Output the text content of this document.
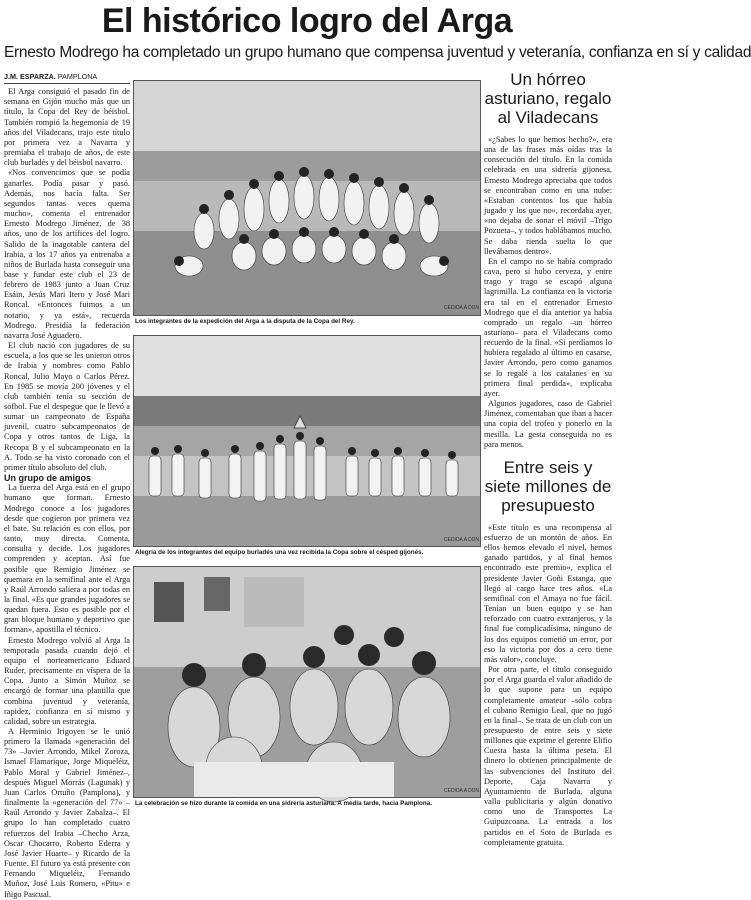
El histórico logro del Arga
Ernesto Modrego ha completado un grupo humano que compensa juventud y veteranía, confianza en sí y calidad
J.M. ESPARZA. PAMPLONA

El Arga consiguió el pasado fin de semana en Gijón mucho más que un título, la Copa del Rey de béisbol. También rompió la hegemonía de 19 años del Viladecans, trajo este título por primera vez a Navarra y premiaba el trabajo de años, de este club burladés y del béisbol navarro.

«Nos convencimos que se podía ganarles. Podía pasar y pasó. Además, nos hacía falta. Ser segundos tantas veces quema mucho», comenta el entrenador Ernesto Modrego Jiménez, de 38 años, uno de los artífices del logro. Salido de la inagotable cantera del Irabia, a los 17 años ya entrenaba a niños de Burlada hasta conseguir una base y fundar este club el 23 de febrero de 1983 junto a Juan Cruz Esáin, Jesús Mari Itero y José Mari Roncal. «Entonces fuimos a un notario, y ya está», recuerda Modrego. Presidía la federación navarra José Aguadero.

El club nació con jugadores de su escuela, a los que se les unieron otros de Irabia y nombres como Pablo Roncal, Julio Mayo o Carlos Pérez. En 1985 se movía 200 jóvenes y el club también tenía su sección de sofbol. Fue el despegue que le llevó a sumar un campeonato de España juvenil, cuatro subcampeonatos de Copa y otros tantos de Liga, la Recopa B y el subcampeonato en la A. Todo se ha visto coronado con el primer título absoluto del club.

Un grupo de amigos

La fuerza del Arga está en el grupo humano que forman. Ernesto Modrego conoce a los jugadores desde que cogieron por primera vez el bate. Su relación es con ellos, por tanto, muy directa. Comenta, consulta y decide. Los jugadores comprenden y aceptan. Así fue posible que Remigio Jiménez se quemara en la semifinal ante el Arga y Raúl Arrondo saliera a por todas en la final. «Es que grandes jugadores se quedan fuera. Esto es posible por el gran bloque humano y deportivo que forman», apostilla el técnico.

Ernesto Modrego volvió al Arga la temporada pasada cuando dejó el equipo el norteamericano Eduard Ruder, precisamente en víspera de la Copa. Junto a Simón Muñoz se encargó de formar una plantilla que combina juventud y veteranía, rapidez, confianza en sí mismo y calidad, sobre un estrategia.

A Herminio Irigoyen se le unió primero la llamada «generación del 73» –Javier Arrondo, Mikel Zoroza, Ismael Flamarique, Jorge Miqueléiz, Pablo Moral y Gabriel Jiménez–, después Miguel Morrás (Lagunak) y Juan Carlos Ortuño (Pamplona), y finalmente la «generación del 77» –Raúl Arrondo y Javier Zabalza–. El grupo lo han completado cuatro refuerzos del Irabia –Checho Arza, Oscar Chocarro, Roberto Ederra y José Javier Huarte– y Ricardo de la Fuente. El futuro ya está presente con Fernando Miqueléiz, Fernando Muñoz, José Luis Romero, «Pitu» e Iñigo Pascual.

Los integrantes de la expedición del Arga a la disputa de la Copa del Rey.
CEDIDA A DDN
Alegría de los integrantes del equipo burladés una vez recibida la Copa sobre el césped gijonés.
CEDIDA A DDN
La celebración se hizo durante la comida en una sidrería asturiana. A media tarde, hacia Pamplona.
CEDIDA A DDN
Un hórreo asturiano, regalo al Viladecans

«¿Sabes lo que hemos hecho?», era una de las frases más oídas tras la consecución del título. En la comida celebrada en una sidrería gijonesa, Ernesto Modrego apreciaba que todos se encontraban como en una nube: «Estaban contentos los que había jugado y los que no», recordaba ayer, «no dejaba de sonar el móvil –Trigo Pozueta–, y todos hablábamos mucho. Se daba rienda suelta lo que llevábamos dentro».

En el campo no se había comprado cava, pero sí hubo cerveza, y entre trago y trago se escapó alguna lagrimilla. La confianza en la victoria era tal en el entrenador Ernesto Modrego que el día anterior ya había comprado un regalo –un hórreo asturiano– para el Viladecans como recuerdo de la final. «Si perdíamos lo hubiera regalado al último en casarse, Javier Arrondo, pero como ganamos se lo regalé a los catalanes en su primera final perdida», explicaba ayer.

Algunos jugadores, caso de Gabriel Jiménez, comentaban que iban a hacer una copia del trofeo y ponerlo en la mesilla. La gesta conseguida no es para menos.

Entre seis y siete millones de presupuesto

«Este título es una recompensa al esfuerzo de un montón de años. En ellos hemos elevado el nivel, hemos ganado partidos, y al final hemos encontrado este premio», explica el presidente Javier Goñi Estanga, que llegó al cargo hace tres años. «La semifinal con el Amaya no fue fácil. Tenían un buen equipo y se han reforzado con cuatro extranjeros, y la final fue complicadísima, ninguno de los dos equipos cometió un error, por eso la victoria por dos a cero tiene más valor», concluye.

Por otra parte, el título conseguido por el Arga guarda el valor añadido de lo que supone para un equipo completamente amateur –sólo cobra el cubano Remigio Leal, que no jugó en la final–. Se trata de un club con un presupuesto de entre seis y siete millones que exprime el gerente Elifio Cuesta hasta la última peseta. El dinero lo obtienen principalmente de las subvenciones del Instituto del Deporte, Caja Navarra y Ayuntamiento de Burlada, alguna valla publicitaria y algún donativo como uno de Transportes La Guipuzcoana. La entrada a los partidos en el Soto de Burlada es completamente gratuita.
